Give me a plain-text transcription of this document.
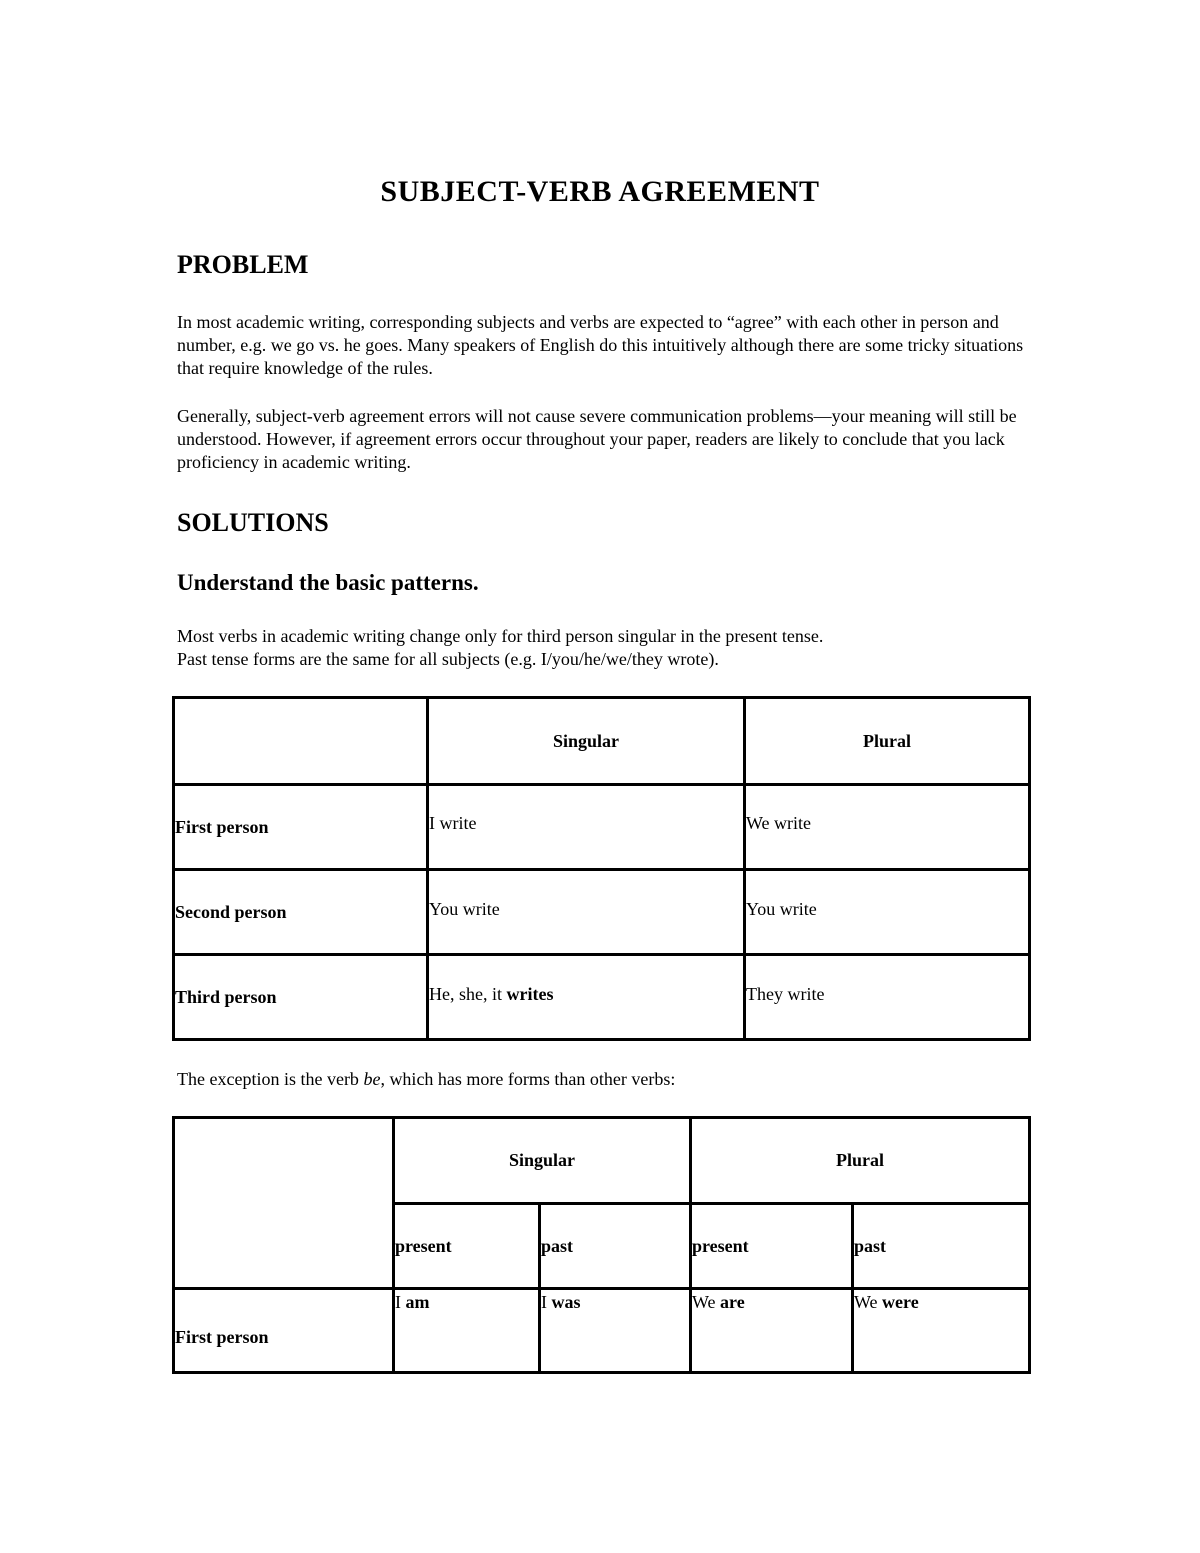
SUBJECT-VERB AGREEMENT
PROBLEM
In most academic writing, corresponding subjects and verbs are expected to “agree” with each other in person and number, e.g. we go vs. he goes. Many speakers of English do this intuitively although there are some tricky situations that require knowledge of the rules.
Generally, subject-verb agreement errors will not cause severe communication problems—your meaning will still be understood. However, if agreement errors occur throughout your paper, readers are likely to conclude that you lack proficiency in academic writing.
SOLUTIONS
Understand the basic patterns.
Most verbs in academic writing change only for third person singular in the present tense.
Past tense forms are the same for all subjects (e.g. I/you/he/we/they wrote).
	Singular	Plural
First person	I write	We write
Second person	You write	You write
Third person	He, she, it writes	They write
The exception is the verb be, which has more forms than other verbs:
	Singular		Plural	
	present	past	present	past
First person	I am	I was	We are	We were
